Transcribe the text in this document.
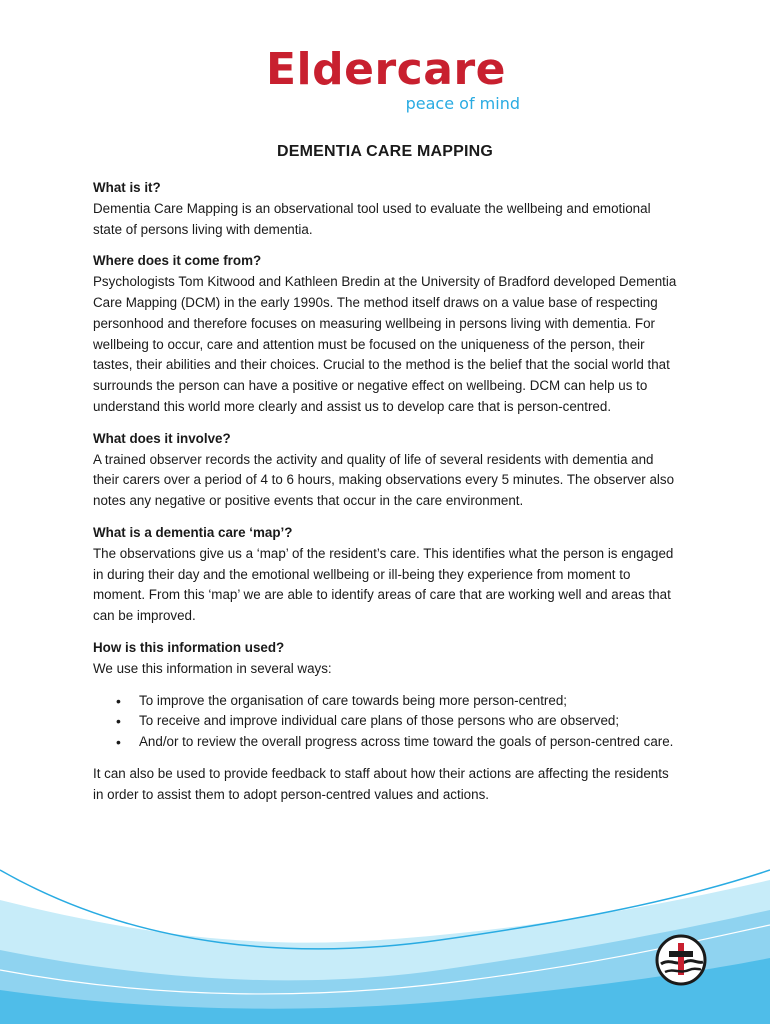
Eldercare
peace of mind
DEMENTIA CARE MAPPING
What is it?

Dementia Care Mapping is an observational tool used to evaluate the wellbeing and emotional state of persons living with dementia.

Where does it come from?

Psychologists Tom Kitwood and Kathleen Bredin at the University of Bradford developed Dementia Care Mapping (DCM) in the early 1990s. The method itself draws on a value base of respecting personhood and therefore focuses on measuring wellbeing in persons living with dementia. For wellbeing to occur, care and attention must be focused on the uniqueness of the person, their tastes, their abilities and their choices. Crucial to the method is the belief that the social world that surrounds the person can have a positive or negative effect on wellbeing. DCM can help us to understand this world more clearly and assist us to develop care that is person-centred.

What does it involve?

A trained observer records the activity and quality of life of several residents with dementia and their carers over a period of 4 to 6 hours, making observations every 5 minutes. The observer also notes any negative or positive events that occur in the care environment.

What is a dementia care ‘map’?

The observations give us a ‘map’ of the resident’s care. This identifies what the person is engaged in during their day and the emotional wellbeing or ill-being they experience from moment to moment. From this ‘map’ we are able to identify areas of care that are working well and areas that can be improved.

How is this information used?

We use this information in several ways:

• To improve the organisation of care towards being more person-centred;
• To receive and improve individual care plans of those persons who are observed;
• And/or to review the overall progress across time toward the goals of person-centred care.

It can also be used to provide feedback to staff about how their actions are affecting the residents in order to assist them to adopt person-centred values and actions.
